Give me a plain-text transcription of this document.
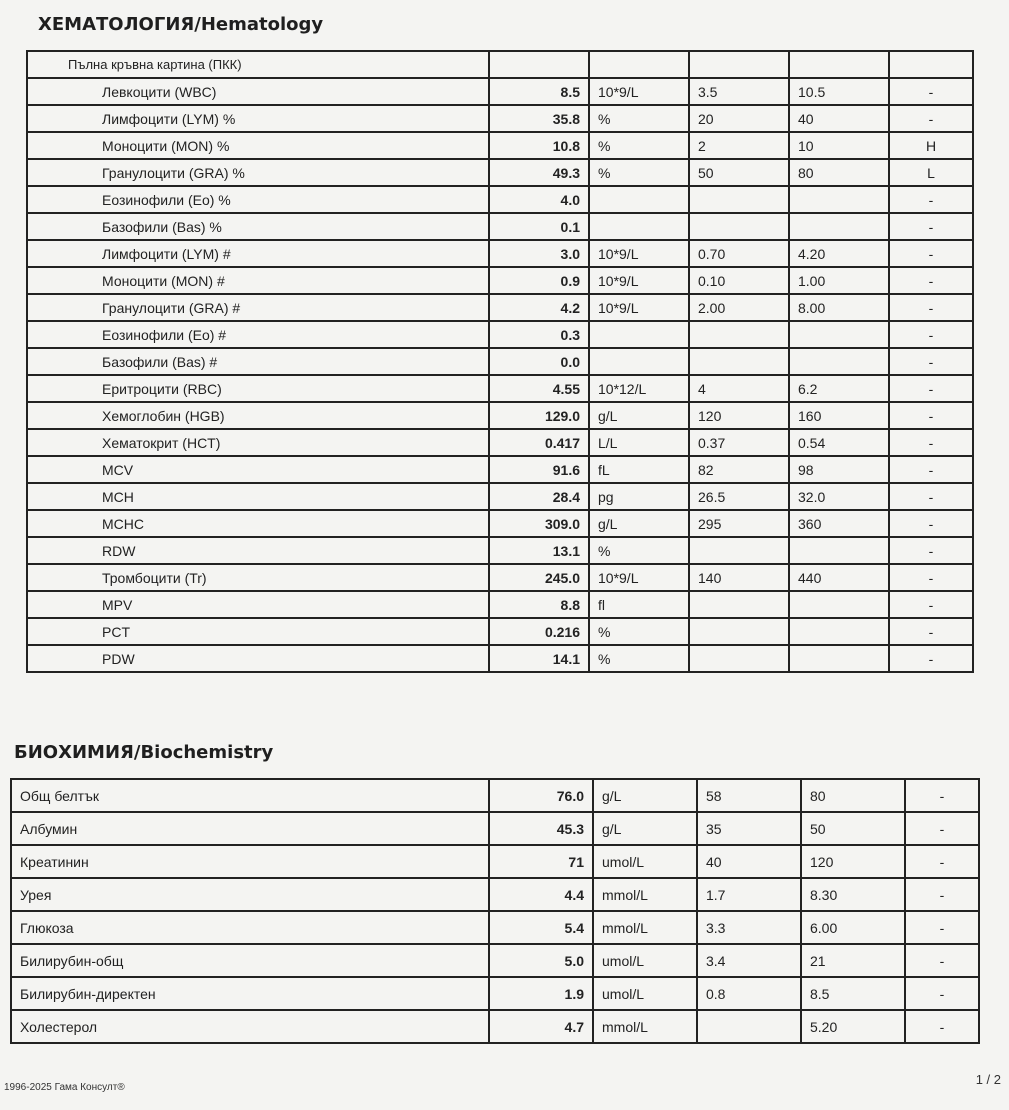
ХЕМАТОЛОГИЯ/Hematology
Пълна кръвна картина (ПКК)					
Левкоцити (WBC)	8.5	10*9/L	3.5	10.5	-
Лимфоцити (LYM) %	35.8	%	20	40	-
Моноцити (MON) %	10.8	%	2	10	H
Гранулоцити (GRA) %	49.3	%	50	80	L
Еозинофили (Eo) %	4.0				-
Базофили (Bas) %	0.1				-
Лимфоцити (LYM) #	3.0	10*9/L	0.70	4.20	-
Моноцити (MON) #	0.9	10*9/L	0.10	1.00	-
Гранулоцити (GRA) #	4.2	10*9/L	2.00	8.00	-
Еозинофили (Eo) #	0.3				-
Базофили (Bas) #	0.0				-
Еритроцити (RBC)	4.55	10*12/L	4	6.2	-
Хемоглобин (HGB)	129.0	g/L	120	160	-
Хематокрит (HCT)	0.417	L/L	0.37	0.54	-
MCV	91.6	fL	82	98	-
MCH	28.4	pg	26.5	32.0	-
MCHC	309.0	g/L	295	360	-
RDW	13.1	%			-
Тромбоцити (Tr)	245.0	10*9/L	140	440	-
MPV	8.8	fl			-
PCT	0.216	%			-
PDW	14.1	%			-
БИОХИМИЯ/Biochemistry
Общ белтък	76.0	g/L	58	80	-
Албумин	45.3	g/L	35	50	-
Креатинин	71	umol/L	40	120	-
Урея	4.4	mmol/L	1.7	8.30	-
Глюкоза	5.4	mmol/L	3.3	6.00	-
Билирубин-общ	5.0	umol/L	3.4	21	-
Билирубин-директен	1.9	umol/L	0.8	8.5	-
Холестерол	4.7	mmol/L		5.20	-
1996-2025 Гама Консулт®
1 / 2
